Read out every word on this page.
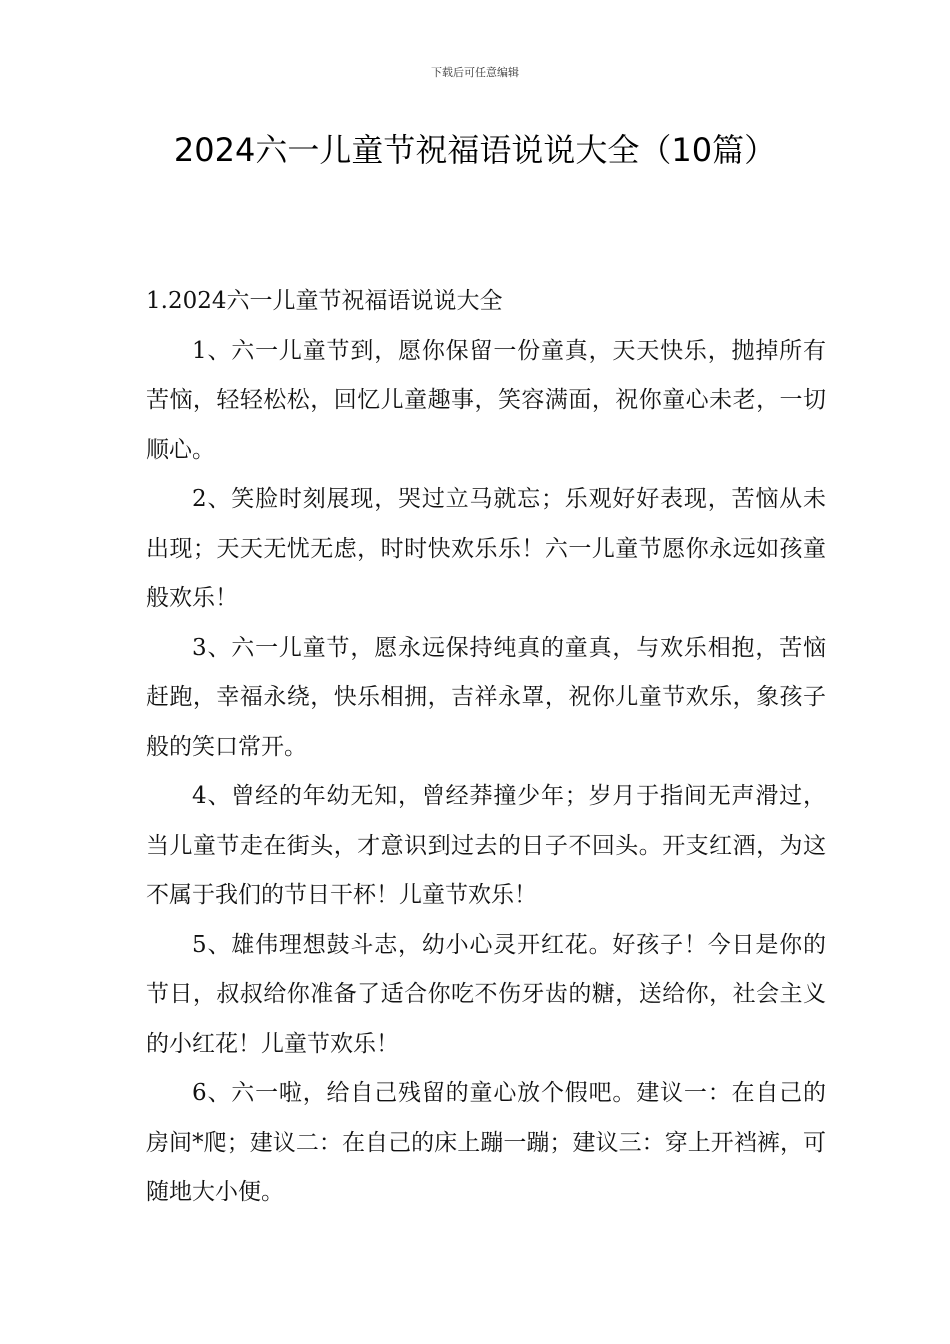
下载后可任意编辑
2024六一儿童节祝福语说说大全（10篇）

1.2024六一儿童节祝福语说说大全

1、六一儿童节到，愿你保留一份童真，天天快乐，抛掉所有苦恼，轻轻松松，回忆儿童趣事，笑容满面，祝你童心未老，一切顺心。

2、笑脸时刻展现，哭过立马就忘；乐观好好表现，苦恼从未出现；天天无忧无虑，时时快欢乐乐！六一儿童节愿你永远如孩童般欢乐！

3、六一儿童节，愿永远保持纯真的童真，与欢乐相抱，苦恼赶跑，幸福永绕，快乐相拥，吉祥永罩，祝你儿童节欢乐，象孩子般的笑口常开。

4、曾经的年幼无知，曾经莽撞少年；岁月于指间无声滑过，当儿童节走在街头，才意识到过去的日子不回头。开支红酒，为这不属于我们的节日干杯！儿童节欢乐！

5、雄伟理想鼓斗志，幼小心灵开红花。好孩子！今日是你的节日，叔叔给你准备了适合你吃不伤牙齿的糖，送给你，社会主义的小红花！儿童节欢乐！

6、六一啦，给自己残留的童心放个假吧。建议一：在自己的房间*爬；建议二：在自己的床上蹦一蹦；建议三：穿上开裆裤，可随地大小便。
